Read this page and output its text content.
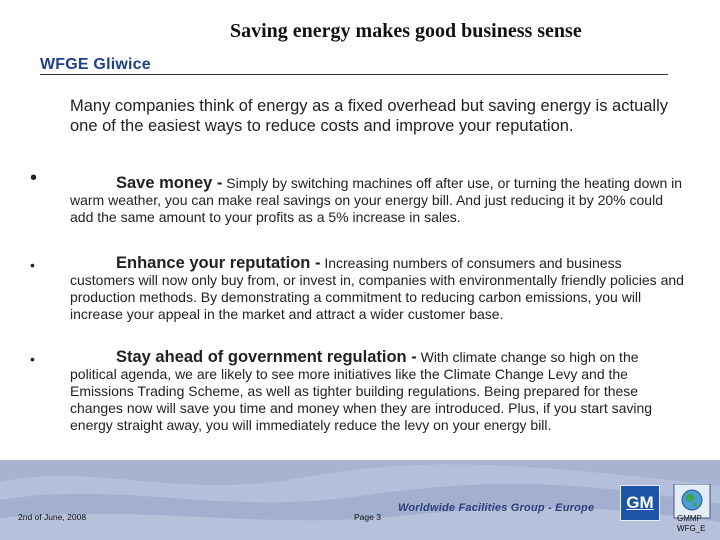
Saving energy makes good business sense
WFGE Gliwice
Many companies think of energy as a fixed overhead but saving energy is actually one of the easiest ways to reduce costs and improve your reputation.
•	Save money - Simply by switching machines off after use, or turning the heating down in warm weather, you can make real savings on your energy bill. And just reducing it by 20% could add the same amount to your profits as a 5% increase in sales.
•	Enhance your reputation - Increasing numbers of consumers and business customers will now only buy from, or invest in, companies with environmentally friendly policies and production methods. By demonstrating a commitment to reducing carbon emissions, you will increase your appeal in the market and attract a wider customer base.
•	Stay ahead of government regulation - With climate change so high on the political agenda, we are likely to see more initiatives like the Climate Change Levy and the Emissions Trading Scheme, as well as tighter building regulations. Being prepared for these changes now will save you time and money when they are introduced. Plus, if you start saving energy straight away, you will immediately reduce the levy on your energy bill.
2nd of June, 2008	Page 3
Worldwide Facilities Group - Europe	GM
GMMP
WFG_E
